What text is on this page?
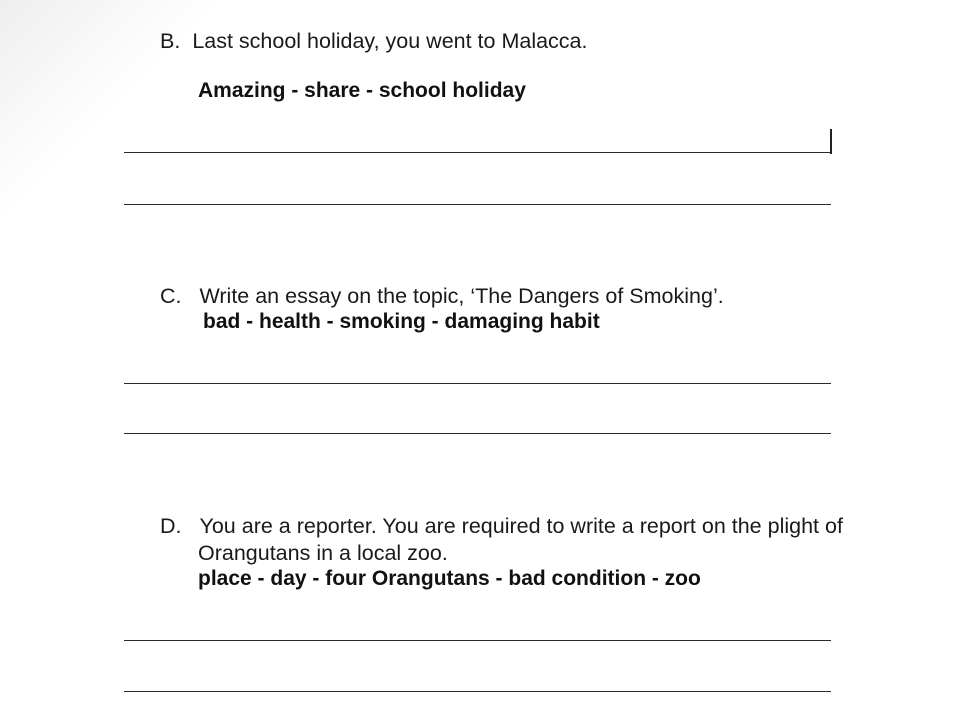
B. Last school holiday, you went to Malacca.
Amazing - share - school holiday
C. Write an essay on the topic, ‘The Dangers of Smoking’.
bad - health - smoking - damaging habit
D. You are a reporter. You are required to write a report on the plight of
Orangutans in a local zoo.
place - day - four Orangutans - bad condition - zoo
